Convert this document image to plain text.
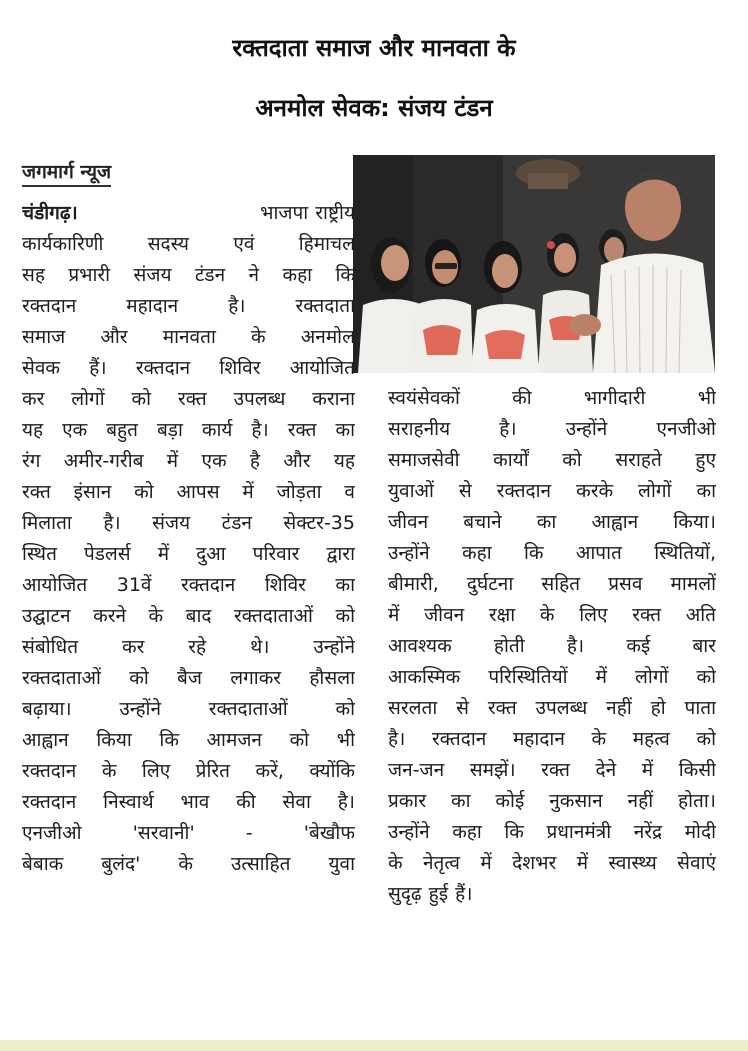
रक्तदाता समाज और मानवता के
अनमोल सेवक: संजय टंडन
जगमार्ग न्यूज
चंडीगढ़।	भाजपा राष्ट्रीय
कार्यकारिणी सदस्य एवं हिमाचल
सह प्रभारी संजय टंडन ने कहा कि
रक्तदान महादान है। रक्तदाता
समाज और मानवता के अनमोल
सेवक हैं। रक्तदान शिविर आयोजित
कर लोगों को रक्त उपलब्ध कराना
यह एक बहुत बड़ा कार्य है। रक्त का
रंग अमीर-गरीब में एक है और यह
रक्त इंसान को आपस में जोड़ता व
मिलाता है। संजय टंडन सेक्टर-35
स्थित पेडलर्स में दुआ परिवार द्वारा
आयोजित 31वें रक्तदान शिविर का
उद्घाटन करने के बाद रक्तदाताओं को
संबोधित कर रहे थे। उन्होंने
रक्तदाताओं को बैज लगाकर हौसला
बढ़ाया। उन्होंने रक्तदाताओं को
आह्वान किया कि आमजन को भी
रक्तदान के लिए प्रेरित करें, क्योंकि
रक्तदान निस्वार्थ भाव की सेवा है।
एनजीओ 'सरवानी' - 'बेखौफ
बेबाक बुलंद' के उत्साहित युवा
स्वयंसेवकों की भागीदारी भी
सराहनीय है। उन्होंने एनजीओ
समाजसेवी कार्यों को सराहते हुए
युवाओं से रक्तदान करके लोगों का
जीवन बचाने का आह्वान किया।
उन्होंने कहा कि आपात स्थितियों,
बीमारी, दुर्घटना सहित प्रसव मामलों
में जीवन रक्षा के लिए रक्त अति
आवश्यक होती है। कई बार
आकस्मिक परिस्थितियों में लोगों को
सरलता से रक्त उपलब्ध नहीं हो पाता
है। रक्तदान महादान के महत्व को
जन-जन समझें। रक्त देने में किसी
प्रकार का कोई नुकसान नहीं होता।
उन्होंने कहा कि प्रधानमंत्री नरेंद्र मोदी
के नेतृत्व में देशभर में स्वास्थ्य सेवाएं
सुदृढ़ हुई हैं।
